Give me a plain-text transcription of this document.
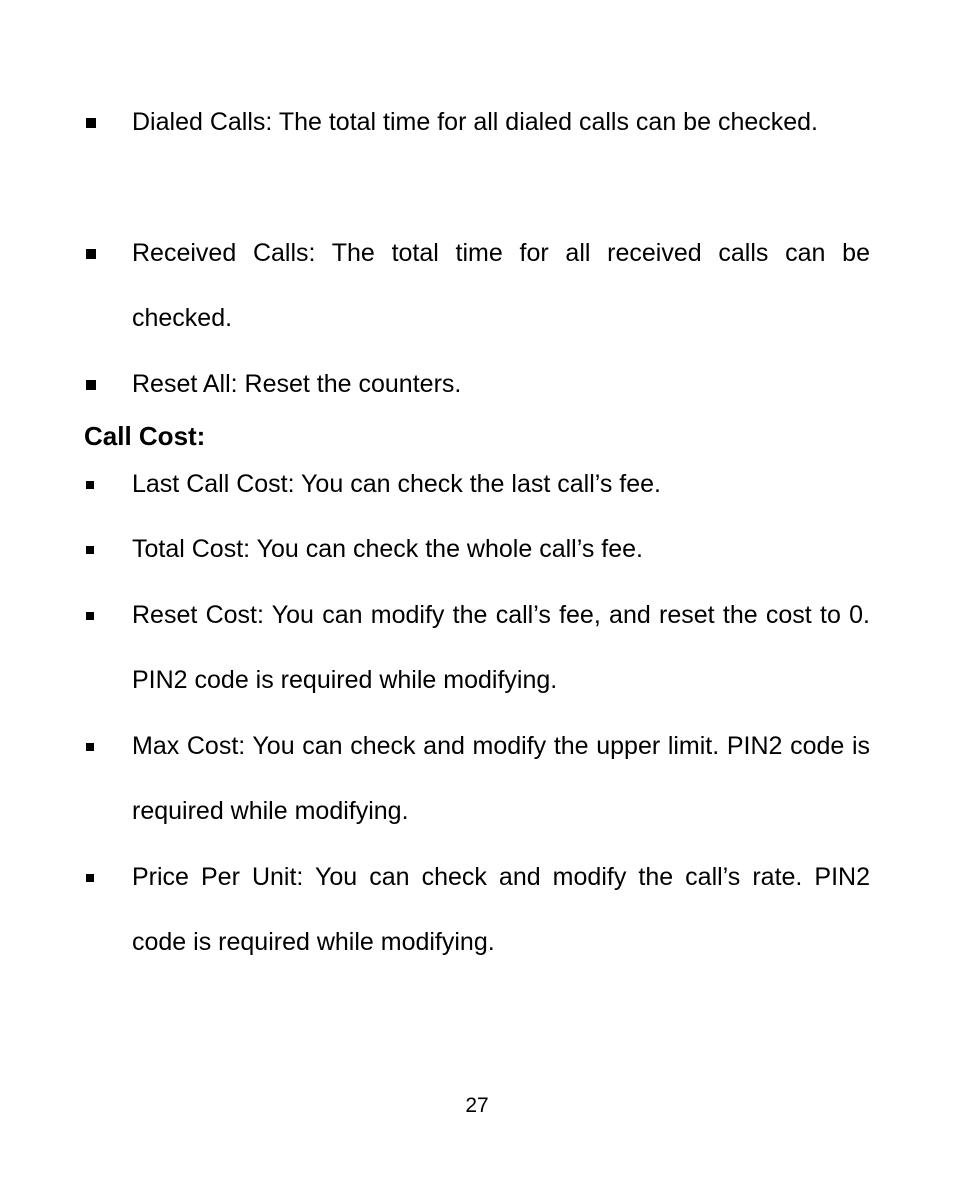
Dialed Calls: The total time for all dialed calls can be checked.
Received Calls: The total time for all received calls can be checked.
Reset All: Reset the counters.
Call Cost:
Last Call Cost: You can check the last call’s fee.
Total Cost: You can check the whole call’s fee.
Reset Cost: You can modify the call’s fee, and reset the cost to 0. PIN2 code is required while modifying.
Max Cost: You can check and modify the upper limit. PIN2 code is required while modifying.
Price Per Unit: You can check and modify the call’s rate. PIN2 code is required while modifying.
27
